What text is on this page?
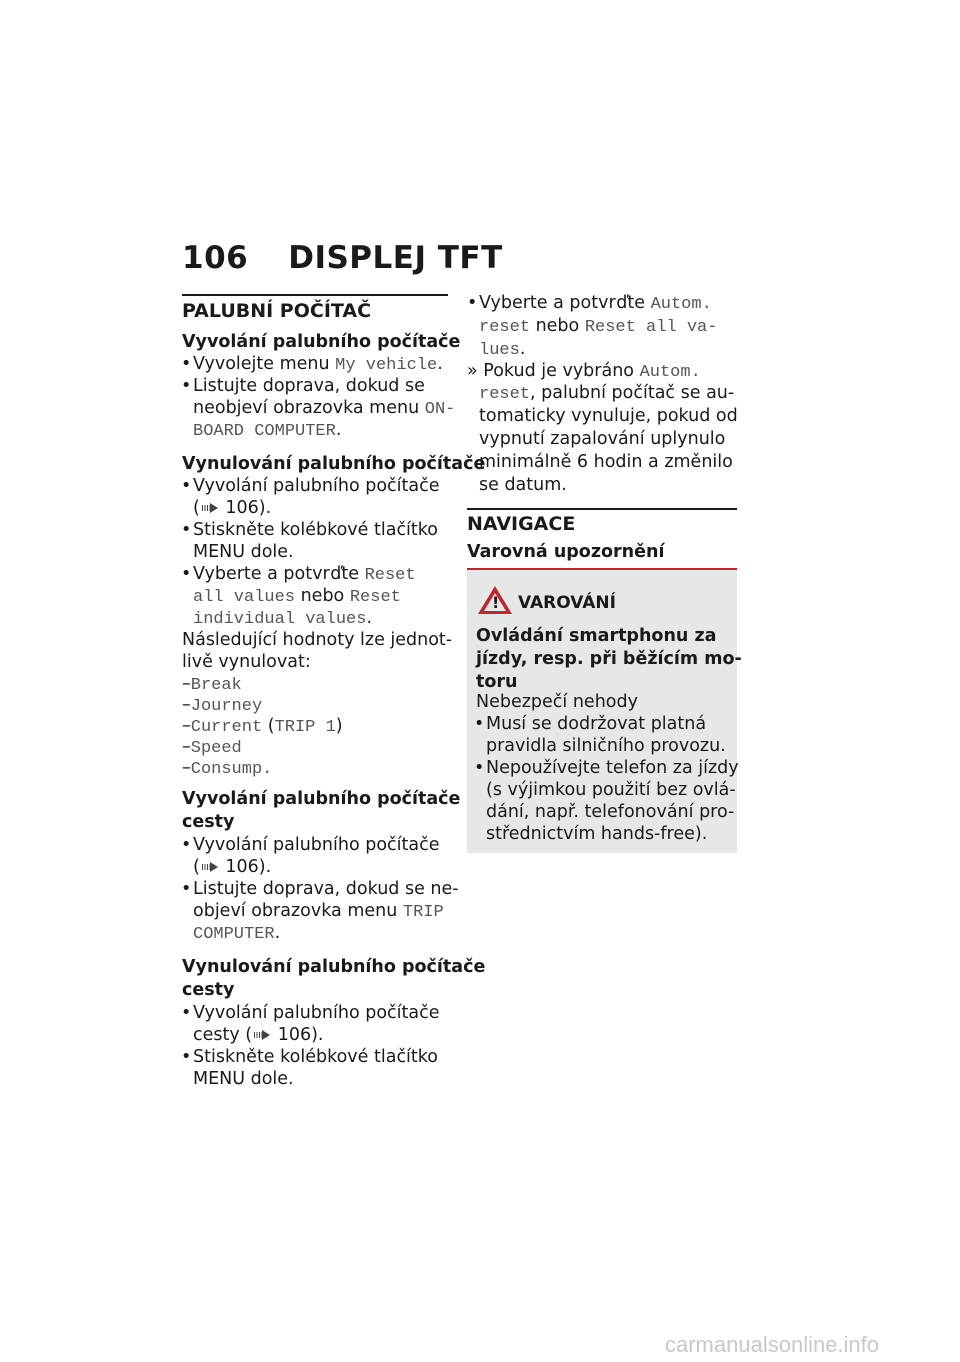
106 DISPLEJ TFT
PALUBNÍ POČÍTAČ
Vyvolání palubního počítače
• Vyvolejte menu My vehicle.
• Listujte doprava, dokud se
neobjeví obrazovka menu ON-
BOARD COMPUTER.
Vynulování palubního počítače
• Vyvolání palubního počítače
( 106).
• Stiskněte kolébkové tlačítko
MENU dole.
• Vyberte a potvrďte Reset
all values nebo Reset
individual values.
Následující hodnoty lze jednot-
livě vynulovat:
–Break
–Journey
–Current (TRIP 1)
–Speed
–Consump.
Vyvolání palubního počítače
cesty
• Vyvolání palubního počítače
( 106).
• Listujte doprava, dokud se ne-
objeví obrazovka menu TRIP
COMPUTER.
Vynulování palubního počítače
cesty
• Vyvolání palubního počítače
cesty ( 106).
• Stiskněte kolébkové tlačítko
MENU dole.
• Vyberte a potvrďte Autom.
reset nebo Reset all va-
lues.
» Pokud je vybráno Autom.
reset, palubní počítač se au-
tomaticky vynuluje, pokud od
vypnutí zapalování uplynulo
minimálně 6 hodin a změnilo
se datum.
NAVIGACE
Varovná upozornění
! VAROVÁNÍ
Ovládání smartphonu za
jízdy, resp. při běžícím mo-
toru
Nebezpečí nehody
• Musí se dodržovat platná
pravidla silničního provozu.
• Nepoužívejte telefon za jízdy
(s výjimkou použití bez ovlá-
dání, např. telefonování pro-
střednictvím hands-free).
carmanualsonline.info
